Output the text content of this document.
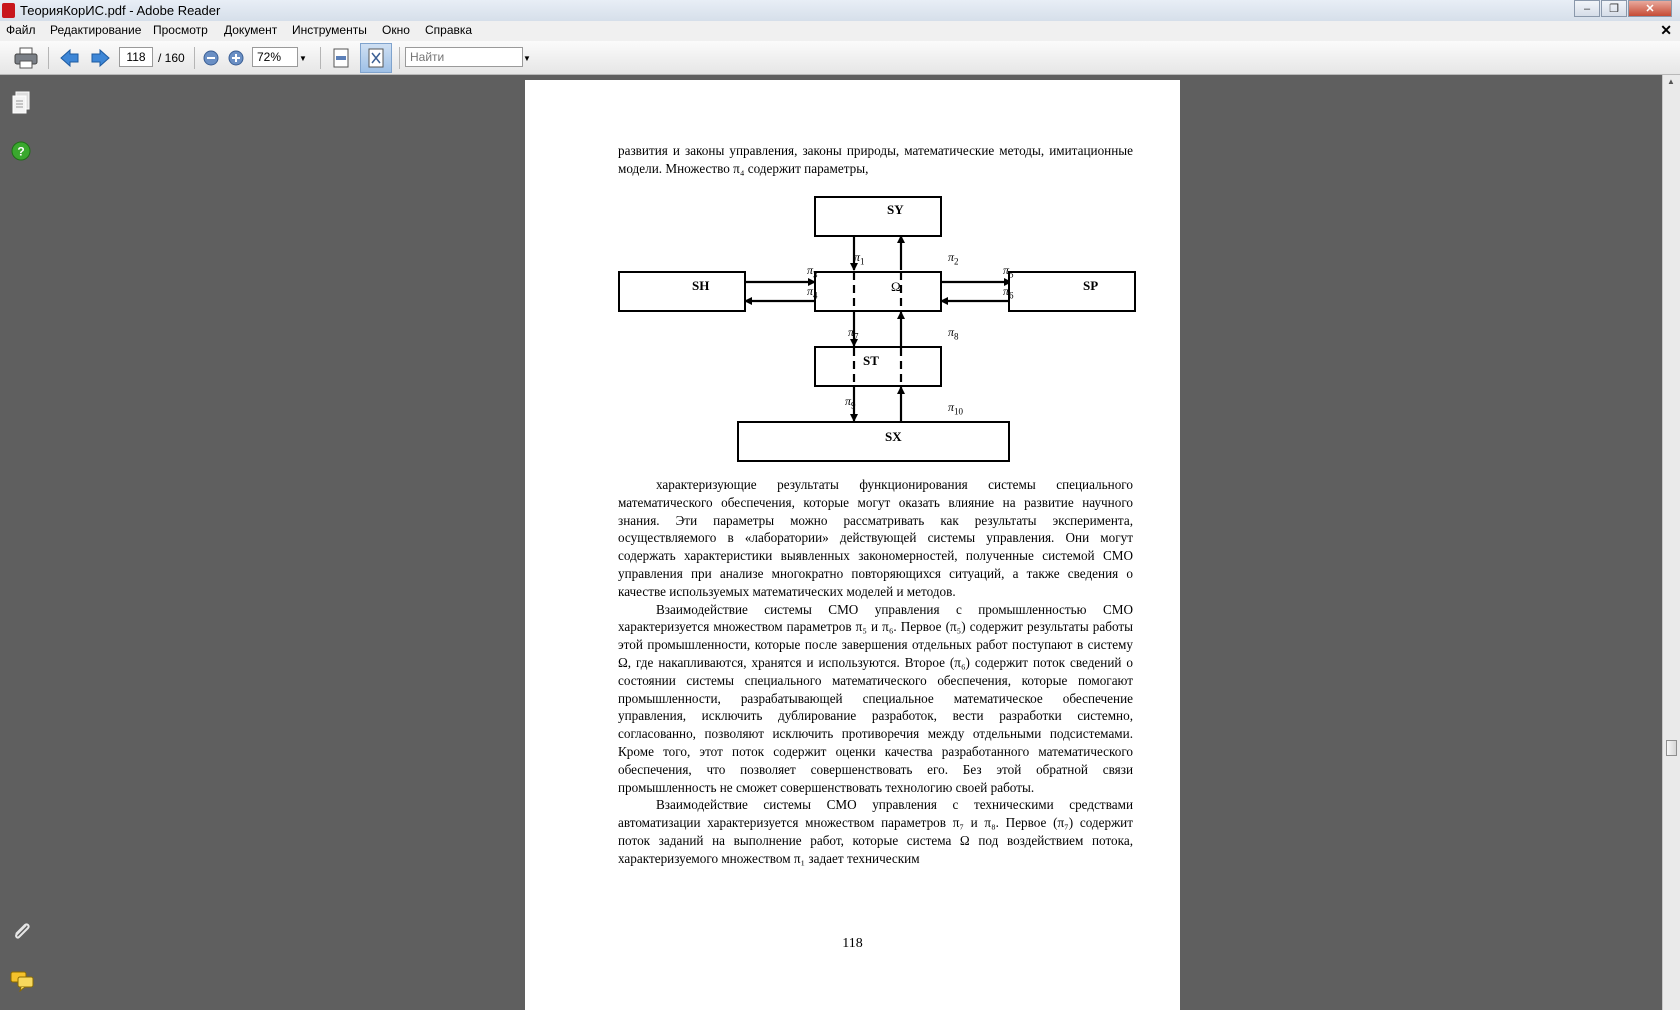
ТеорияКорИС.pdf - Adobe Reader	–	❐	✕
Файл Редактирование Просмотр Документ Инструменты Окно Справка	✕
118
/ 160
72%	▼
Найти	▼
?
▲
развития и законы управления, законы природы, математические методы, имитационные модели. Множество π₄ содержит параметры,
SY
SH	Ω	SP
ST
SX
$\pi_1$	$\pi_2$
$\pi_3$
$\pi_4$
$\pi_5$
$\pi_6$
$\pi_7$	$\pi_8$
$\pi_9$	$\pi_{10}$

характеризующие результаты функционирования системы специального математического обеспечения, которые могут оказать влияние на развитие научного знания. Эти параметры можно рассматривать как результаты эксперимента, осуществляемого в «лаборатории» действующей системы управления. Они могут содержать характеристики выявленных закономерностей, полученные системой СМО управления при анализе многократно повторяющихся ситуаций, а также сведения о качестве используемых математических моделей и методов.

Взаимодействие системы СМО управления с промышленностью СМО характеризуется множеством параметров π₅ и π₆. Первое (π₅) содержит результаты работы этой промышленности, которые после завершения отдельных работ поступают в систему Ω, где накапливаются, хранятся и используются. Второе (π₆) содержит поток сведений о состоянии системы специального математического обеспечения, которые помогают промышленности, разрабатывающей специальное математическое обеспечение управления, исключить дублирование разработок, вести разработки системно, согласованно, позволяют исключить противоречия между отдельными подсистемами. Кроме того, этот поток содержит оценки качества разработанного математического обеспечения, что позволяет совершенствовать его. Без этой обратной связи промышленность не сможет совершенствовать технологию своей работы.

Взаимодействие системы СМО управления с техническими средствами автоматизации характеризуется множеством параметров π₇ и π₈. Первое (π₇) содержит поток заданий на выполнение работ, которые система Ω под воздействием потока, характеризуемого множеством π₁ задает техническим

118
